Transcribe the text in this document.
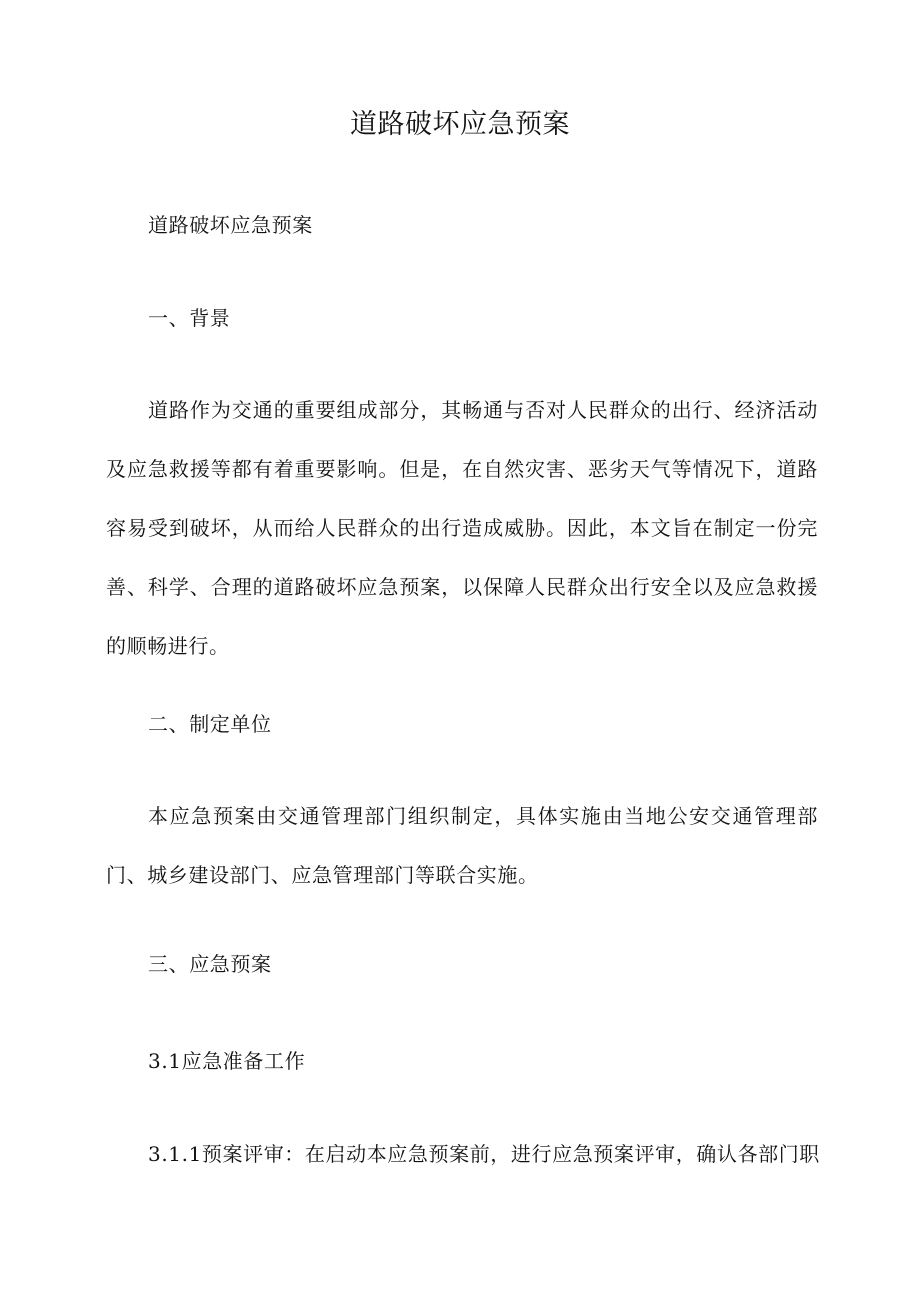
道路破坏应急预案

道路破坏应急预案

一、背景

道路作为交通的重要组成部分，其畅通与否对人民群众的出行、经济活动及应急救援等都有着重要影响。但是，在自然灾害、恶劣天气等情况下，道路容易受到破坏，从而给人民群众的出行造成威胁。因此，本文旨在制定一份完善、科学、合理的道路破坏应急预案，以保障人民群众出行安全以及应急救援的顺畅进行。

二、制定单位

本应急预案由交通管理部门组织制定，具体实施由当地公安交通管理部门、城乡建设部门、应急管理部门等联合实施。

三、应急预案

3.1应急准备工作

3.1.1预案评审：在启动本应急预案前，进行应急预案评审，确认各部门职
